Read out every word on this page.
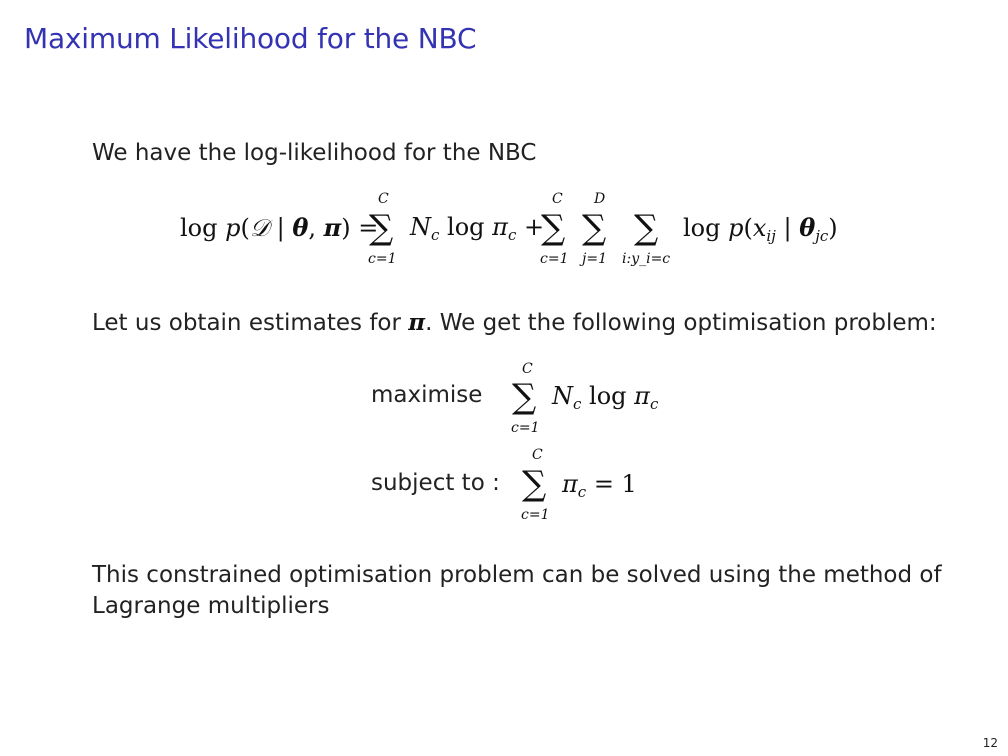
Maximum Likelihood for the NBC
We have the log-likelihood for the NBC
log p(𝒟 | θ, π) =
C
∑
c=1
$N_c$ $\log \pi_c$ +
C
∑
c=1
D
∑
j=1
∑
i:y_i=c
$\log p(x_{ij}$ | $\theta_{jc}$)
Let us obtain estimates for π. We get the following optimisation problem:
maximise
C
∑
c=1
$N_c$ $\log \pi_c$
subject to :
C
∑
c=1
$\pi_c = 1$
This constrained optimisation problem can be solved using the method of
Lagrange multipliers
12
